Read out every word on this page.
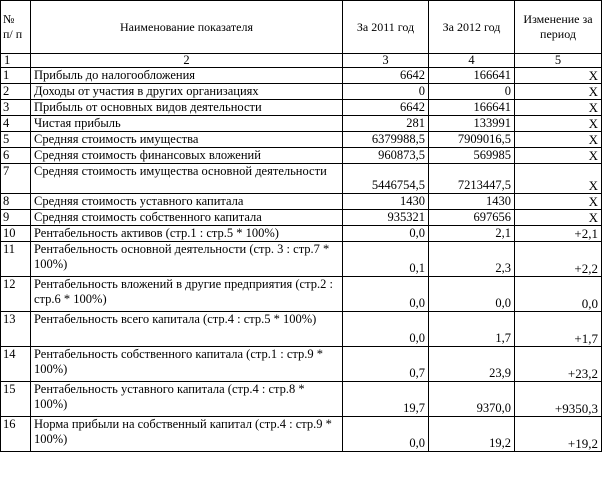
№ п/ п	Наименование показателя	За 2011 год	За 2012 год	Изменение за период
1	2	3	4	5
1	Прибыль до налогообложения	6642	166641	X
2	Доходы от участия в других организациях	0	0	X
3	Прибыль от основных видов деятельности	6642	166641	X
4	Чистая прибыль	281	133991	X
5	Средняя стоимость имущества	6379988,5	7909016,5	X
6	Средняя стоимость финансовых вложений	960873,5	569985	X
7	Средняя стоимость имущества основной деятельности	5446754,5	7213447,5	X
8	Средняя стоимость уставного капитала	1430	1430	X
9	Средняя стоимость собственного капитала	935321	697656	X
10	Рентабельность активов (стр.1 : стр.5 * 100%)	0,0	2,1	+2,1
11	Рентабельность основной деятельности (стр. 3 : стр.7 * 100%)	0,1	2,3	+2,2
12	Рентабельность вложений в другие предприятия (стр.2 : стр.6 * 100%)	0,0	0,0	0,0
13	Рентабельность всего капитала (стр.4 : стр.5 * 100%)	0,0	1,7	+1,7
14	Рентабельность собственного капитала (стр.1 : стр.9 * 100%)	0,7	23,9	+23,2
15	Рентабельность уставного капитала (стр.4 : стр.8 * 100%)	19,7	9370,0	+9350,3
16	Норма прибыли на собственный капитал (стр.4 : стр.9 * 100%)	0,0	19,2	+19,2
